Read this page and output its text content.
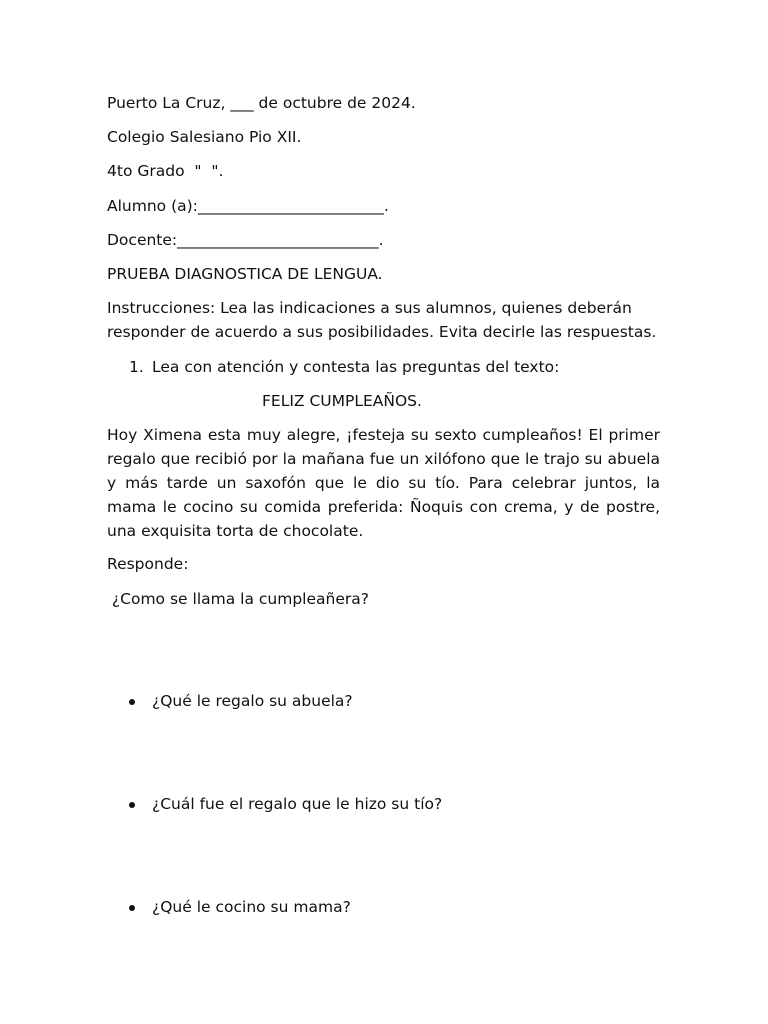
Puerto La Cruz, ___ de octubre de 2024.

Colegio Salesiano Pio XII.

4to Grado  "  ".

Alumno (a):________________________.

Docente:__________________________.

PRUEBA DIAGNOSTICA DE LENGUA.

Instrucciones: Lea las indicaciones a sus alumnos, quienes deberán responder de acuerdo a sus posibilidades. Evita decirle las respuestas.

1. Lea con atención y contesta las preguntas del texto:

FELIZ CUMPLEAÑOS.

Hoy Ximena esta muy alegre, ¡festeja su sexto cumpleaños! El primer regalo que recibió por la mañana fue un xilófono que le trajo su abuela y más tarde un saxofón que le dio su tío. Para celebrar juntos, la mama le cocino su comida preferida: Ñoquis con crema, y de postre, una exquisita torta de chocolate.

Responde:

¿Como se llama la cumpleañera?

¿Qué le regalo su abuela?
¿Cuál fue el regalo que le hizo su tío?
¿Qué le cocino su mama?
